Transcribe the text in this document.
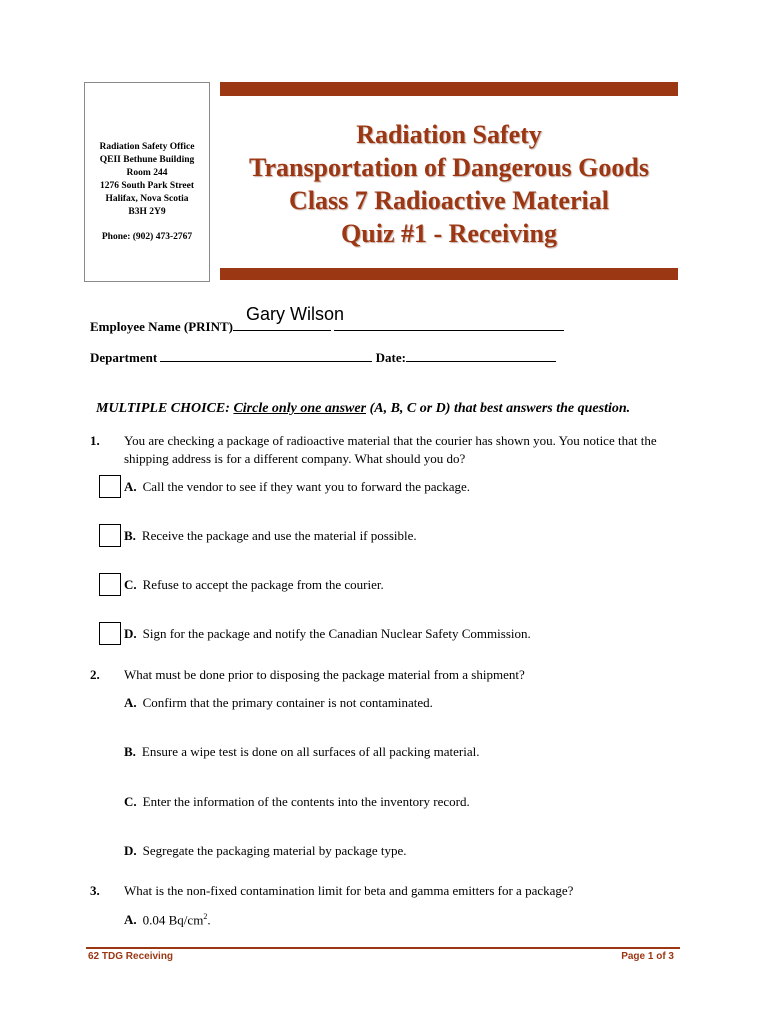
Radiation Safety Office
QEII Bethune Building
Room 244
1276 South Park Street
Halifax, Nova Scotia
B3H 2Y9
Phone: (902) 473-2767
Radiation Safety
Transportation of Dangerous Goods
Class 7 Radioactive Material
Quiz #1 - Receiving
Employee Name (PRINT)
Gary Wilson
Department	Date:
MULTIPLE CHOICE: Circle only one answer (A, B, C or D) that best answers the question.
1. You are checking a package of radioactive material that the courier has shown you. You notice that the shipping address is for a different company. What should you do?
A. Call the vendor to see if they want you to forward the package.
B. Receive the package and use the material if possible.
C. Refuse to accept the package from the courier.
D. Sign for the package and notify the Canadian Nuclear Safety Commission.
2. What must be done prior to disposing the package material from a shipment?
A. Confirm that the primary container is not contaminated.
B. Ensure a wipe test is done on all surfaces of all packing material.
C. Enter the information of the contents into the inventory record.
D. Segregate the packaging material by package type.
3. What is the non-fixed contamination limit for beta and gamma emitters for a package?
A. 0.04 $Bq/cm^2$.
62 TDG Receiving	Page 1 of 3
